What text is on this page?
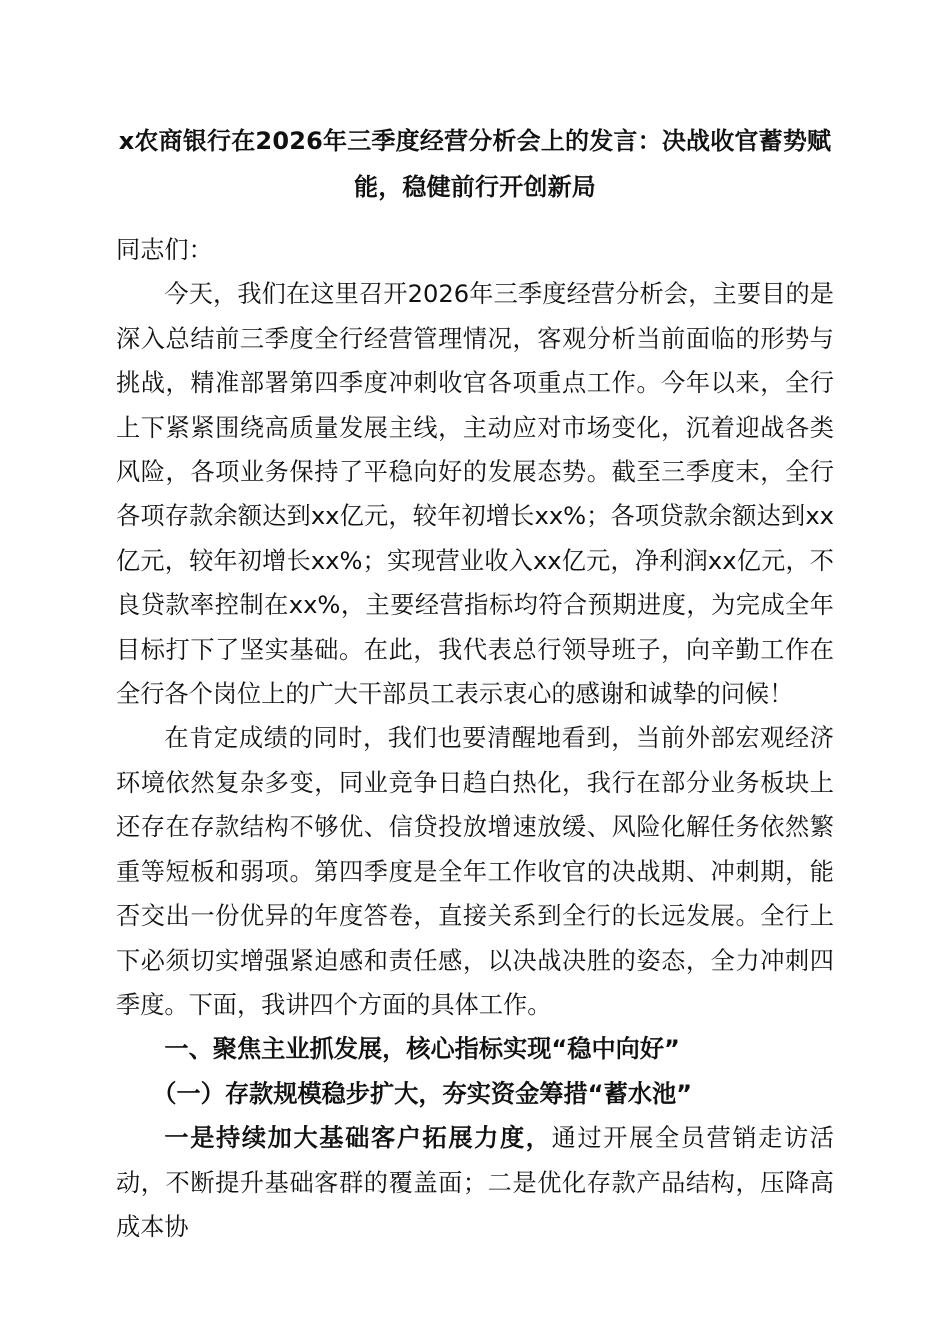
x农商银行在2026年三季度经营分析会上的发言：决战收官蓄势赋能，稳健前行开创新局

同志们：

今天，我们在这里召开2026年三季度经营分析会，主要目的是深入总结前三季度全行经营管理情况，客观分析当前面临的形势与挑战，精准部署第四季度冲刺收官各项重点工作。今年以来，全行上下紧紧围绕高质量发展主线，主动应对市场变化，沉着迎战各类风险，各项业务保持了平稳向好的发展态势。截至三季度末，全行各项存款余额达到xx亿元，较年初增长xx%；各项贷款余额达到xx亿元，较年初增长xx%；实现营业收入xx亿元，净利润xx亿元，不良贷款率控制在xx%，主要经营指标均符合预期进度，为完成全年目标打下了坚实基础。在此，我代表总行领导班子，向辛勤工作在全行各个岗位上的广大干部员工表示衷心的感谢和诚挚的问候！

在肯定成绩的同时，我们也要清醒地看到，当前外部宏观经济环境依然复杂多变，同业竞争日趋白热化，我行在部分业务板块上还存在存款结构不够优、信贷投放增速放缓、风险化解任务依然繁重等短板和弱项。第四季度是全年工作收官的决战期、冲刺期，能否交出一份优异的年度答卷，直接关系到全行的长远发展。全行上下必须切实增强紧迫感和责任感，以决战决胜的姿态，全力冲刺四季度。下面，我讲四个方面的具体工作。

一、聚焦主业抓发展，核心指标实现“稳中向好”

（一）存款规模稳步扩大，夯实资金筹措“蓄水池”

一是持续加大基础客户拓展力度，通过开展全员营销走访活动，不断提升基础客群的覆盖面；二是优化存款产品结构，压降高成本协
